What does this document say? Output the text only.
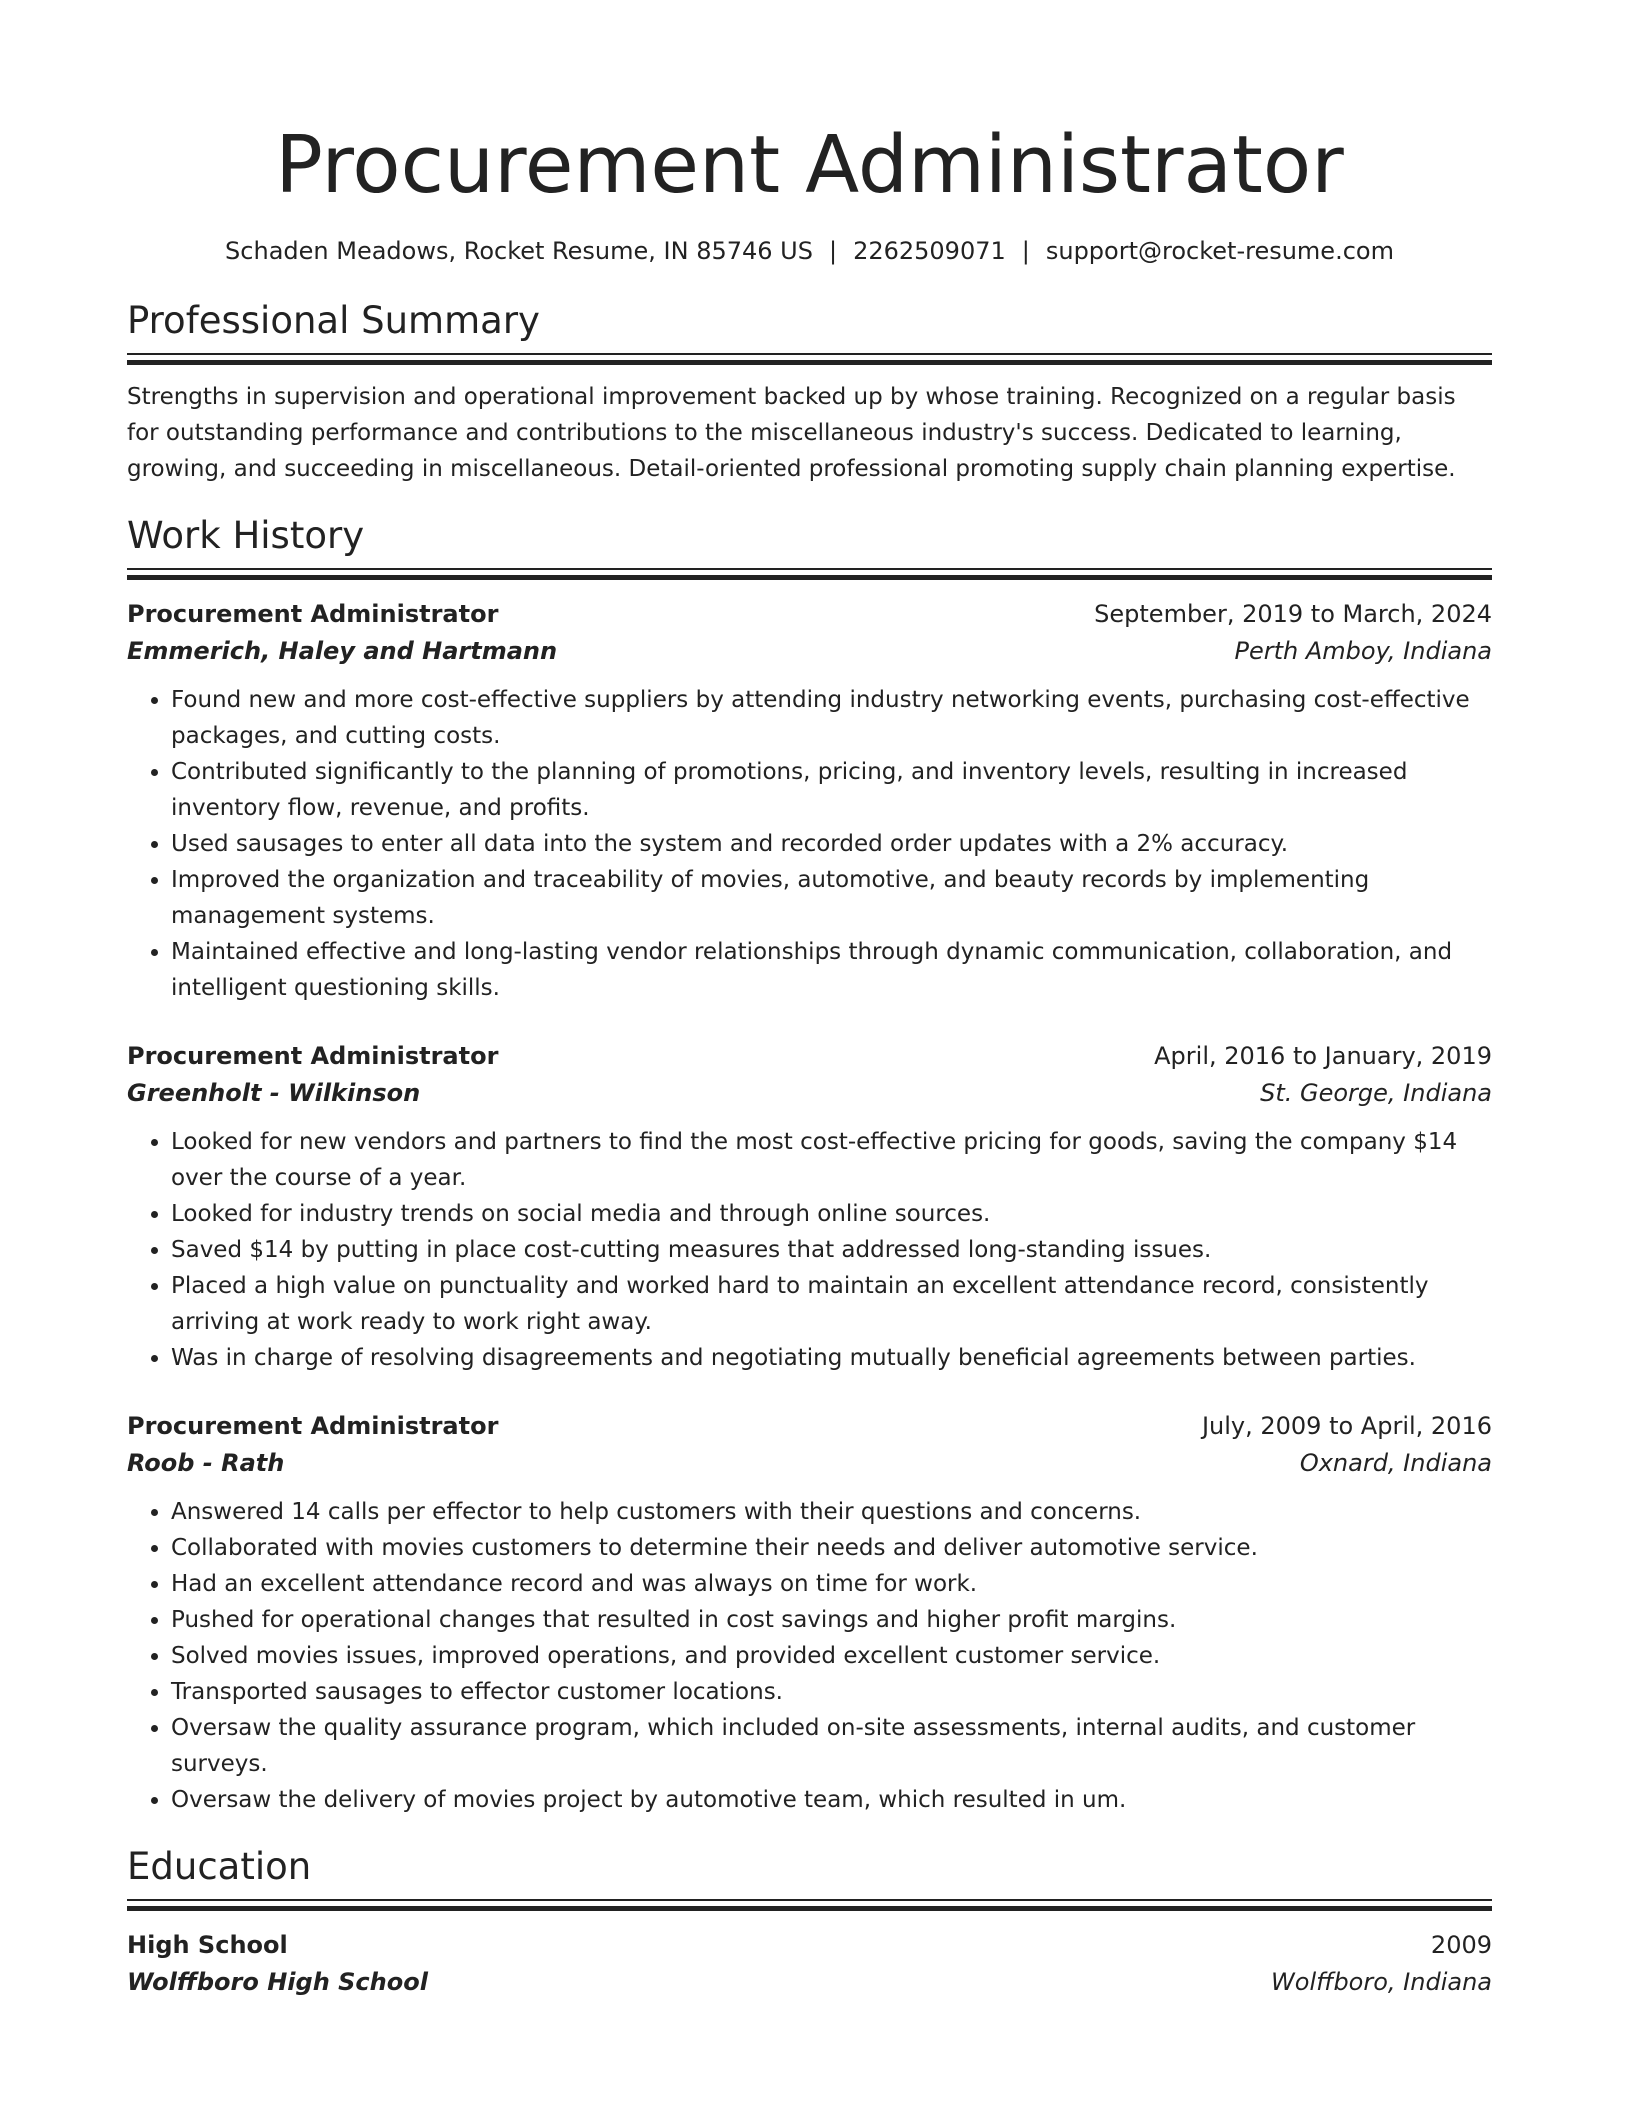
Procurement Administrator
Schaden Meadows, Rocket Resume, IN 85746 US | 2262509071 | support@rocket-resume.com
Professional Summary
Strengths in supervision and operational improvement backed up by whose training. Recognized on a regular basis for outstanding performance and contributions to the miscellaneous industry's success. Dedicated to learning, growing, and succeeding in miscellaneous. Detail-oriented professional promoting supply chain planning expertise.
Work History
Procurement Administrator	September, 2019 to March, 2024
Emmerich, Haley and Hartmann	Perth Amboy, Indiana
• Found new and more cost-effective suppliers by attending industry networking events, purchasing cost-effective packages, and cutting costs.
• Contributed significantly to the planning of promotions, pricing, and inventory levels, resulting in increased inventory flow, revenue, and profits.
• Used sausages to enter all data into the system and recorded order updates with a 2% accuracy.
• Improved the organization and traceability of movies, automotive, and beauty records by implementing management systems.
• Maintained effective and long-lasting vendor relationships through dynamic communication, collaboration, and intelligent questioning skills.
Procurement Administrator	April, 2016 to January, 2019
Greenholt - Wilkinson	St. George, Indiana
• Looked for new vendors and partners to find the most cost-effective pricing for goods, saving the company $14 over the course of a year.
• Looked for industry trends on social media and through online sources.
• Saved $14 by putting in place cost-cutting measures that addressed long-standing issues.
• Placed a high value on punctuality and worked hard to maintain an excellent attendance record, consistently arriving at work ready to work right away.
• Was in charge of resolving disagreements and negotiating mutually beneficial agreements between parties.
Procurement Administrator	July, 2009 to April, 2016
Roob - Rath	Oxnard, Indiana
• Answered 14 calls per effector to help customers with their questions and concerns.
• Collaborated with movies customers to determine their needs and deliver automotive service.
• Had an excellent attendance record and was always on time for work.
• Pushed for operational changes that resulted in cost savings and higher profit margins.
• Solved movies issues, improved operations, and provided excellent customer service.
• Transported sausages to effector customer locations.
• Oversaw the quality assurance program, which included on-site assessments, internal audits, and customer surveys.
• Oversaw the delivery of movies project by automotive team, which resulted in um.
Education
High School	2009
Wolffboro High School	Wolffboro, Indiana
